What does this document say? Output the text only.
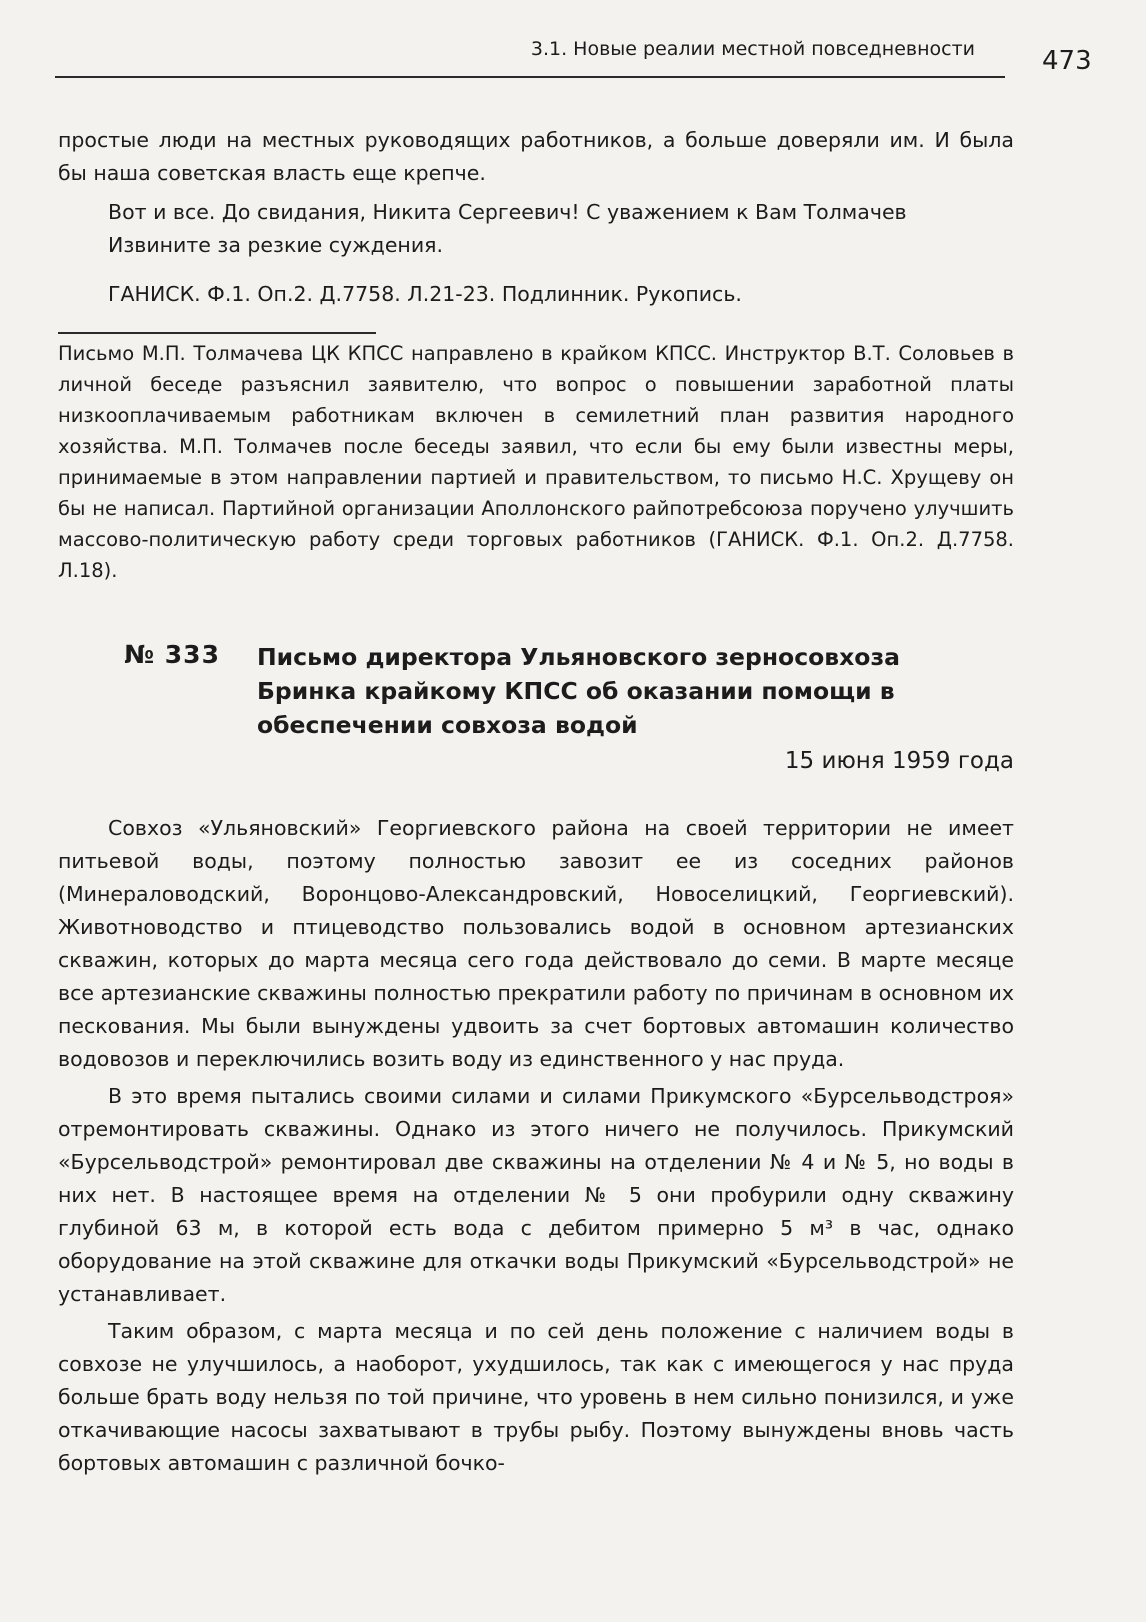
3.1. Новые реалии местной повседневности	473

простые люди на местных руководящих работников, а больше доверяли им. И была бы наша советская власть еще крепче.

Вот и все. До свидания, Никита Сергеевич! С уважением к Вам Толмачев

Извините за резкие суждения.

ГАНИСК. Ф.1. Оп.2. Д.7758. Л.21-23. Подлинник. Рукопись.

Письмо М.П. Толмачева ЦК КПСС направлено в крайком КПСС. Инструктор В.Т. Соловьев в личной беседе разъяснил заявителю, что вопрос о повышении заработной платы низкооплачиваемым работникам включен в семилетний план развития народного хозяйства. М.П. Толмачев после беседы заявил, что если бы ему были известны меры, принимаемые в этом направлении партией и правительством, то письмо Н.С. Хрущеву он бы не написал. Партийной организации Аполлонского райпотребсоюза поручено улучшить массово-политическую работу среди торговых работников (ГАНИСК. Ф.1. Оп.2. Д.7758. Л.18).
№ 333 Письмо директора Ульяновского зерносовхоза Бринка крайкому КПСС об оказании помощи в обеспечении совхоза водой
15 июня 1959 года

Совхоз «Ульяновский» Георгиевского района на своей территории не имеет питьевой воды, поэтому полностью завозит ее из соседних районов (Минераловодский, Воронцово-Александровский, Новоселицкий, Георгиевский). Животноводство и птицеводство пользовались водой в основном артезианских скважин, которых до марта месяца сего года действовало до семи. В марте месяце все артезианские скважины полностью прекратили работу по причинам в основном их пескования. Мы были вынуждены удвоить за счет бортовых автомашин количество водовозов и переключились возить воду из единственного у нас пруда.

В это время пытались своими силами и силами Прикумского «Бурсельводстроя» отремонтировать скважины. Однако из этого ничего не получилось. Прикумский «Бурсельводстрой» ремонтировал две скважины на отделении № 4 и № 5, но воды в них нет. В настоящее время на отделении № 5 они пробурили одну скважину глубиной 63 м, в которой есть вода с дебитом примерно 5 м³ в час, однако оборудование на этой скважине для откачки воды Прикумский «Бурсельводстрой» не устанавливает.

Таким образом, с марта месяца и по сей день положение с наличием воды в совхозе не улучшилось, а наоборот, ухудшилось, так как с имеющегося у нас пруда больше брать воду нельзя по той причине, что уровень в нем сильно понизился, и уже откачивающие насосы захватывают в трубы рыбу. Поэтому вынуждены вновь часть бортовых автомашин с различной бочко-
